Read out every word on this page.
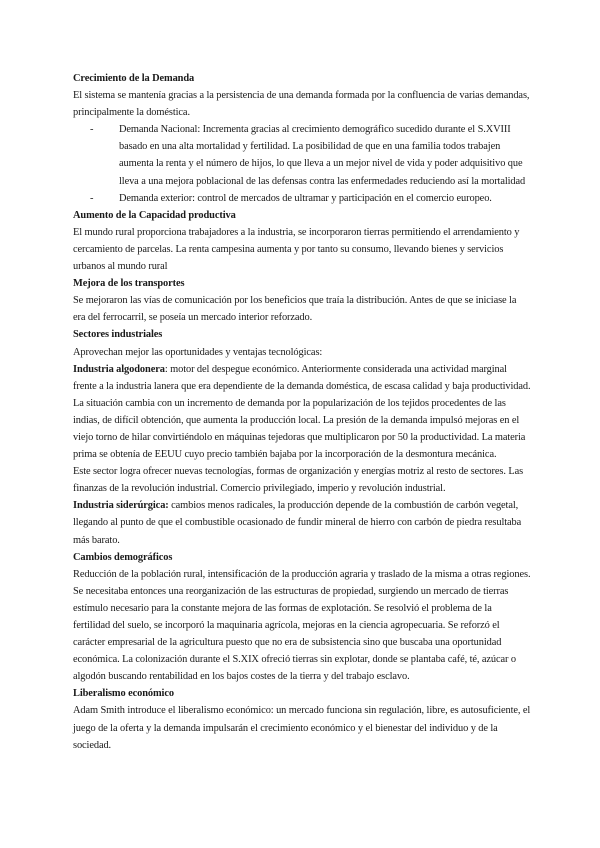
Crecimiento de la Demanda

El sistema se mantenía gracias a la persistencia de una demanda formada por la confluencia de varias demandas, principalmente la doméstica.

- Demanda Nacional: Incrementa gracias al crecimiento demográfico sucedido durante el S.XVIII basado en una alta mortalidad y fertilidad. La posibilidad de que en una familia todos trabajen aumenta la renta y el número de hijos, lo que lleva a un mejor nivel de vida y poder adquisitivo que lleva a una mejora poblacional de las defensas contra las enfermedades reduciendo así la mortalidad
- Demanda exterior: control de mercados de ultramar y participación en el comercio europeo.

Aumento de la Capacidad productiva

El mundo rural proporciona trabajadores a la industria, se incorporaron tierras permitiendo el arrendamiento y cercamiento de parcelas. La renta campesina aumenta y por tanto su consumo, llevando bienes y servicios urbanos al mundo rural

Mejora de los transportes

Se mejoraron las vías de comunicación por los beneficios que traía la distribución. Antes de que se iniciase la era del ferrocarril, se poseía un mercado interior reforzado.

Sectores industriales

Aprovechan mejor las oportunidades y ventajas tecnológicas:

Industria algodonera: motor del despegue económico. Anteriormente considerada una actividad marginal frente a la industria lanera que era dependiente de la demanda doméstica, de escasa calidad y baja productividad. La situación cambia con un incremento de demanda por la popularización de los tejidos procedentes de las indias, de difícil obtención, que aumenta la producción local. La presión de la demanda impulsó mejoras en el viejo torno de hilar convirtiéndolo en máquinas tejedoras que multiplicaron por 50 la productividad. La materia prima se obtenía de EEUU cuyo precio también bajaba por la incorporación de la desmontura mecánica.

Este sector logra ofrecer nuevas tecnologías, formas de organización y energías motriz al resto de sectores. Las finanzas de la revolución industrial. Comercio privilegiado, imperio y revolución industrial.

Industria siderúrgica: cambios menos radicales, la producción depende de la combustión de carbón vegetal, llegando al punto de que el combustible ocasionado de fundir mineral de hierro con carbón de piedra resultaba más barato.

Cambios demográficos

Reducción de la población rural, intensificación de la producción agraria y traslado de la misma a otras regiones. Se necesitaba entonces una reorganización de las estructuras de propiedad, surgiendo un mercado de tierras estímulo necesario para la constante mejora de las formas de explotación. Se resolvió el problema de la fertilidad del suelo, se incorporó la maquinaria agrícola, mejoras en la ciencia agropecuaria. Se reforzó el carácter empresarial de la agricultura puesto que no era de subsistencia sino que buscaba una oportunidad económica. La colonización durante el S.XIX ofreció tierras sin explotar, donde se plantaba café, té, azúcar o algodón buscando rentabilidad en los bajos costes de la tierra y del trabajo esclavo.

Liberalismo económico

Adam Smith introduce el liberalismo económico: un mercado funciona sin regulación, libre, es autosuficiente, el juego de la oferta y la demanda impulsarán el crecimiento económico y el bienestar del individuo y de la sociedad.
